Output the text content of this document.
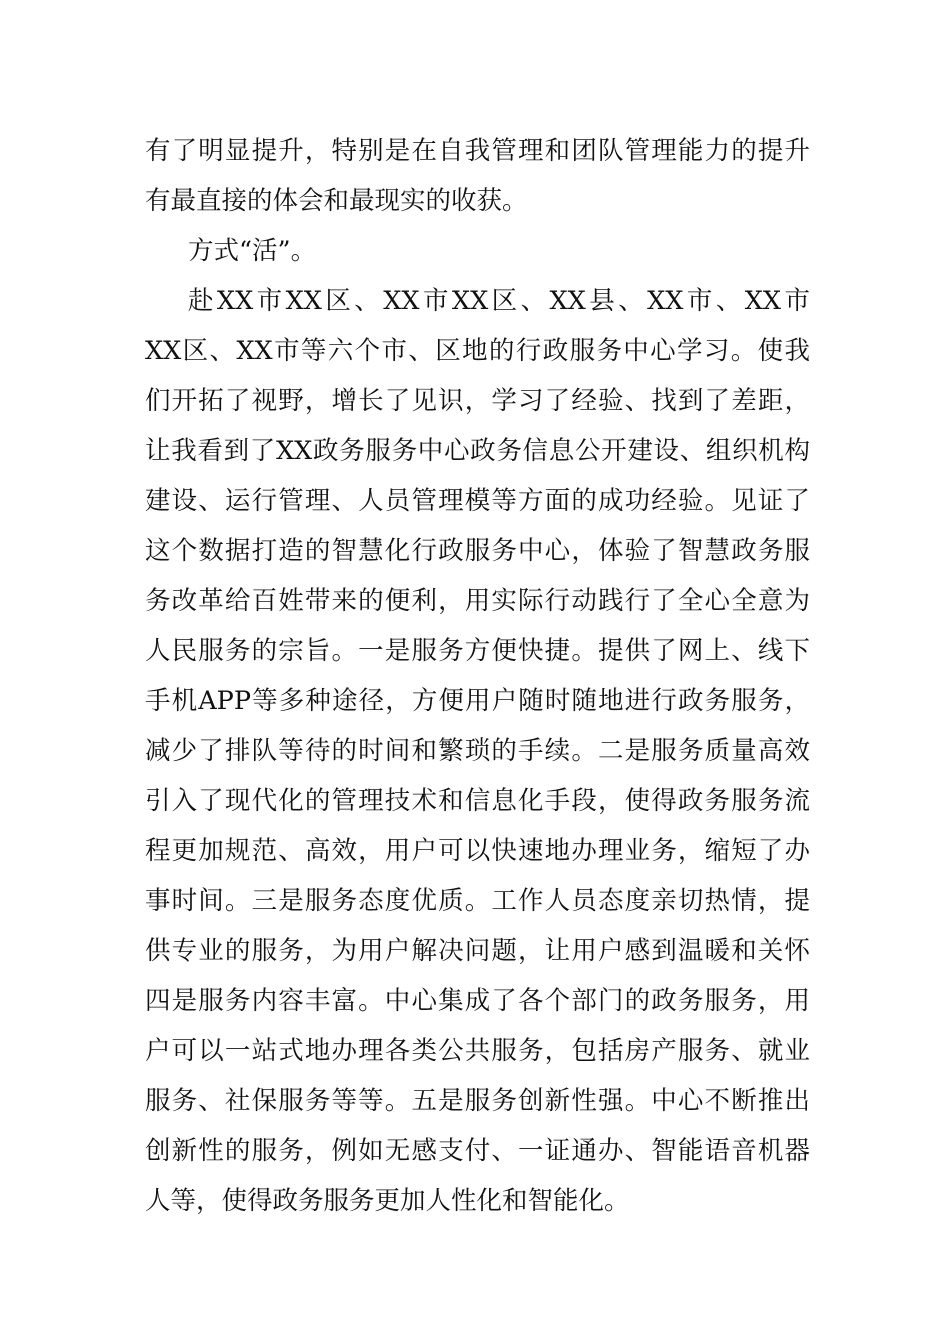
有了明显提升，特别是在自我管理和团队管理能力的提升
有最直接的体会和最现实的收获。
方式“活”。
赴XX市XX区、XX市XX区、XX县、XX市、XX市
XX区、XX市等六个市、区地的行政服务中心学习。使我
们开拓了视野，增长了见识，学习了经验、找到了差距，
让我看到了XX政务服务中心政务信息公开建设、组织机构
建设、运行管理、人员管理模等方面的成功经验。见证了
这个数据打造的智慧化行政服务中心，体验了智慧政务服
务改革给百姓带来的便利，用实际行动践行了全心全意为
人民服务的宗旨。一是服务方便快捷。提供了网上、线下
手机APP等多种途径，方便用户随时随地进行政务服务，
减少了排队等待的时间和繁琐的手续。二是服务质量高效
引入了现代化的管理技术和信息化手段，使得政务服务流
程更加规范、高效，用户可以快速地办理业务，缩短了办
事时间。三是服务态度优质。工作人员态度亲切热情，提
供专业的服务，为用户解决问题，让用户感到温暖和关怀
四是服务内容丰富。中心集成了各个部门的政务服务，用
户可以一站式地办理各类公共服务，包括房产服务、就业
服务、社保服务等等。五是服务创新性强。中心不断推出
创新性的服务，例如无感支付、一证通办、智能语音机器
人等，使得政务服务更加人性化和智能化。
